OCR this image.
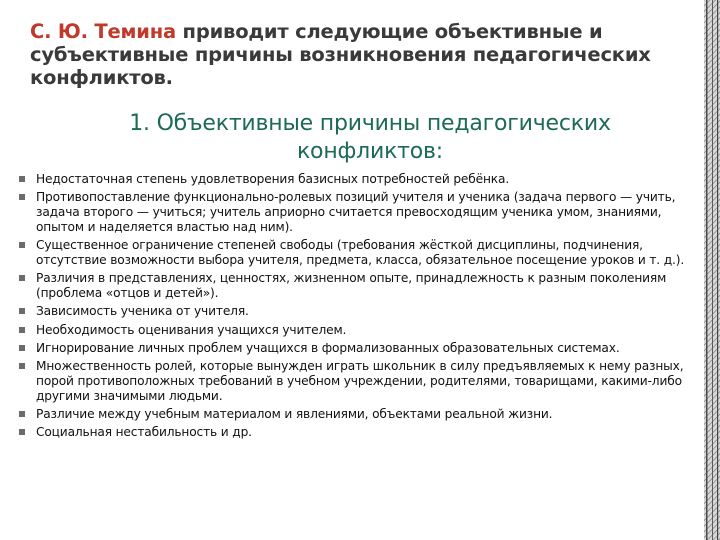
С. Ю. Темина приводит следующие объективные и субъективные причины возникновения педагогических конфликтов.
1. Объективные причины педагогических конфликтов:
Недостаточная степень удовлетворения базисных потребностей ребёнка.
Противопоставление функционально-ролевых позиций учителя и ученика (задача первого — учить, задача второго — учиться; учитель априорно считается превосходящим ученика умом, знаниями, опытом и наделяется властью над ним).
Существенное ограничение степеней свободы (требования жёсткой дисциплины, подчинения, отсутствие возможности выбора учителя, предмета, класса, обязательное посещение уроков и т. д.).
Различия в представлениях, ценностях, жизненном опыте, принадлежность к разным поколениям (проблема «отцов и детей»).
Зависимость ученика от учителя.
Необходимость оценивания учащихся учителем.
Игнорирование личных проблем учащихся в формализованных образовательных системах.
Множественность ролей, которые вынужден играть школьник в силу предъявляемых к нему разных, порой противоположных требований в учебном учреждении, родителями, товарищами, какими-либо другими значимыми людьми.
Различие между учебным материалом и явлениями, объектами реальной жизни.
Социальная нестабильность и др.
